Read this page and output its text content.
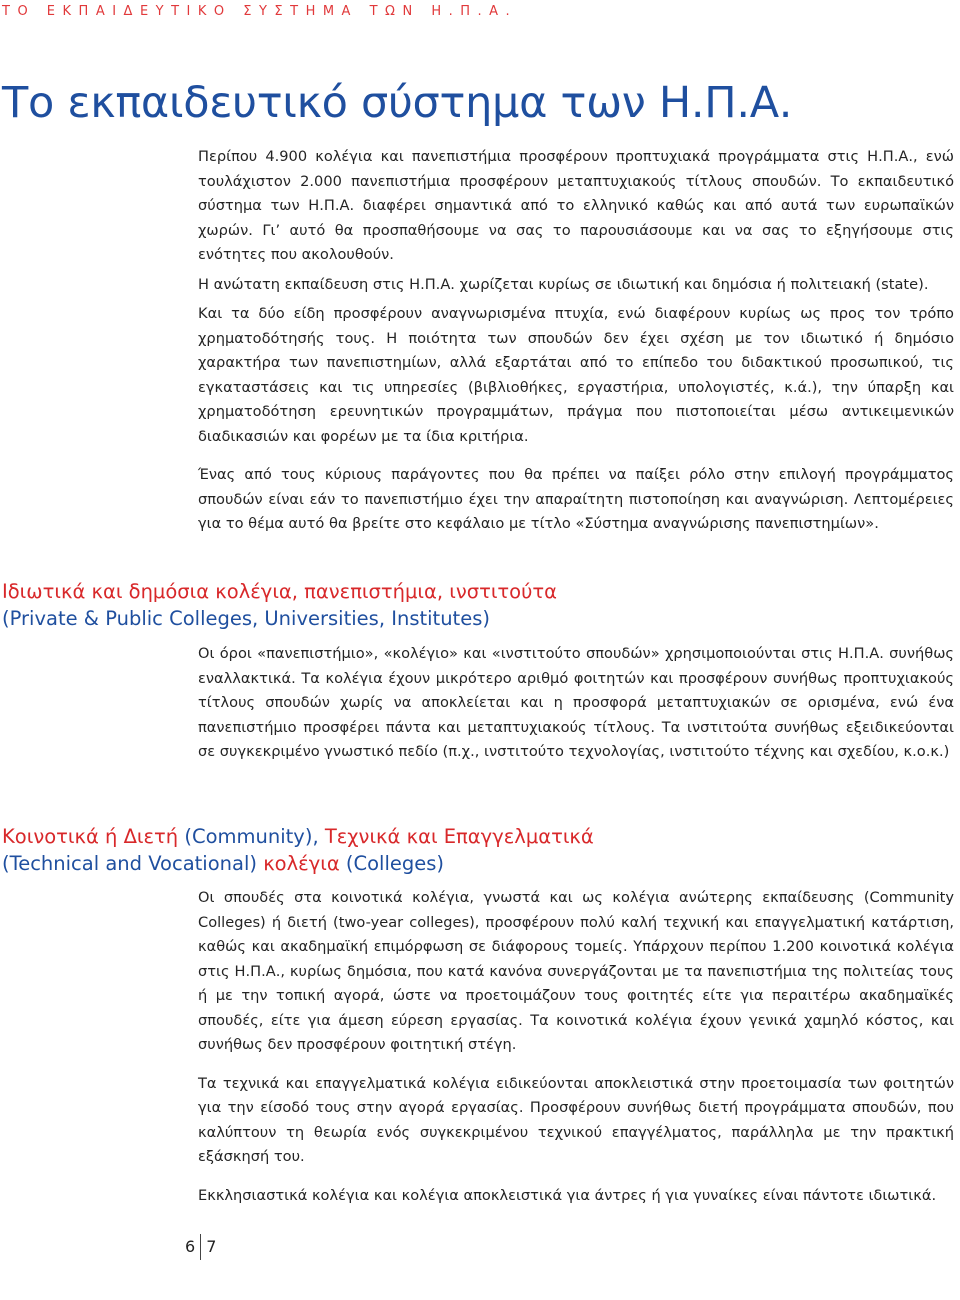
ΤΟ ΕΚΠΑΙΔΕΥΤΙΚΟ ΣΥΣΤΗΜΑ ΤΩΝ Η.Π.Α.
Το εκπαιδευτικό σύστημα των Η.Π.Α.

Περίπου 4.900 κολέγια και πανεπιστήμια προσφέρουν προπτυχιακά προγράμματα στις Η.Π.Α., ενώ τουλάχιστον 2.000 πανεπιστήμια προσφέρουν μεταπτυχιακούς τίτλους σπουδών. Το εκπαιδευτικό σύστημα των Η.Π.Α. διαφέρει σημαντικά από το ελληνικό καθώς και από αυτά των ευρωπαϊκών χωρών. Γι’ αυτό θα προσπαθήσουμε να σας το παρουσιάσουμε και να σας το εξηγήσουμε στις ενότητες που ακολουθούν.

Η ανώτατη εκπαίδευση στις Η.Π.Α. χωρίζεται κυρίως σε ιδιωτική και δημόσια ή πολιτειακή (state).

Και τα δύο είδη προσφέρουν αναγνωρισμένα πτυχία, ενώ διαφέρουν κυρίως ως προς τον τρόπο χρηματοδότησής τους. Η ποιότητα των σπουδών δεν έχει σχέση με τον ιδιωτικό ή δημόσιο χαρακτήρα των πανεπιστημίων, αλλά εξαρτάται από το επίπεδο του διδακτικού προσωπικού, τις εγκαταστάσεις και τις υπηρεσίες (βιβλιοθήκες, εργαστήρια, υπολογιστές, κ.ά.), την ύπαρξη και χρηματοδότηση ερευνητικών προγραμμάτων, πράγμα που πιστοποιείται μέσω αντικειμενικών διαδικασιών και φορέων με τα ίδια κριτήρια.

Ένας από τους κύριους παράγοντες που θα πρέπει να παίξει ρόλο στην επιλογή προγράμματος σπουδών είναι εάν το πανεπιστήμιο έχει την απαραίτητη πιστοποίηση και αναγνώριση. Λεπτομέρειες για το θέμα αυτό θα βρείτε στο κεφάλαιο με τίτλο «Σύστημα αναγνώρισης πανεπιστημίων».

Ιδιωτικά και δημόσια κολέγια, πανεπιστήμια, ινστιτούτα
(Private & Public Colleges, Universities, Institutes)

Οι όροι «πανεπιστήμιο», «κολέγιο» και «ινστιτούτο σπουδών» χρησιμοποιούνται στις Η.Π.Α. συνήθως εναλλακτικά. Τα κολέγια έχουν μικρότερο αριθμό φοιτητών και προσφέρουν συνήθως προπτυχιακούς τίτλους σπουδών χωρίς να αποκλείεται και η προσφορά μεταπτυχιακών σε ορισμένα, ενώ ένα πανεπιστήμιο προσφέρει πάντα και μεταπτυχιακούς τίτλους. Τα ινστιτούτα συνήθως εξειδικεύονται σε συγκεκριμένο γνωστικό πεδίο (π.χ., ινστιτούτο τεχνολογίας, ινστιτούτο τέχνης και σχεδίου, κ.ο.κ.)

Κοινοτικά ή Διετή (Community), Τεχνικά και Επαγγελματικά
(Technical and Vocational) κολέγια (Colleges)

Οι σπουδές στα κοινοτικά κολέγια, γνωστά και ως κολέγια ανώτερης εκπαίδευσης (Community Colleges) ή διετή (two-year colleges), προσφέρουν πολύ καλή τεχνική και επαγγελματική κατάρτιση, καθώς και ακαδημαϊκή επιμόρφωση σε διάφορους τομείς. Υπάρχουν περίπου 1.200 κοινοτικά κολέγια στις Η.Π.Α., κυρίως δημόσια, που κατά κανόνα συνεργάζονται με τα πανεπιστήμια της πολιτείας τους ή με την τοπική αγορά, ώστε να προετοιμάζουν τους φοιτητές είτε για περαιτέρω ακαδημαϊκές σπουδές, είτε για άμεση εύρεση εργασίας. Τα κοινοτικά κολέγια έχουν γενικά χαμηλό κόστος, και συνήθως δεν προσφέρουν φοιτητική στέγη.

Τα τεχνικά και επαγγελματικά κολέγια ειδικεύονται αποκλειστικά στην προετοιμασία των φοιτητών για την είσοδό τους στην αγορά εργασίας. Προσφέρουν συνήθως διετή προγράμματα σπουδών, που καλύπτουν τη θεωρία ενός συγκεκριμένου τεχνικού επαγγέλματος, παράλληλα με την πρακτική εξάσκησή του.

Εκκλησιαστικά κολέγια και κολέγια αποκλειστικά για άντρες ή για γυναίκες είναι πάντοτε ιδιωτικά.

6 7
